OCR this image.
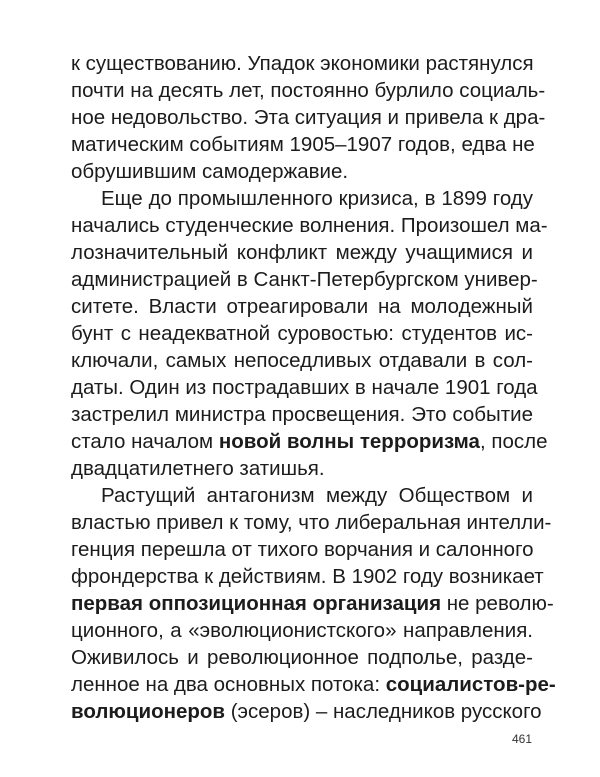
к существованию. Упадок экономики растянулся
почти на десять лет, постоянно бурлило социаль-
ное недовольство. Эта ситуация и привела к дра-
матическим событиям 1905–1907 годов, едва не
обрушившим самодержавие.
Еще до промышленного кризиса, в 1899 году
начались студенческие волнения. Произошел ма-
лозначительный конфликт между учащимися и
администрацией в Санкт-Петербургском универ-
ситете. Власти отреагировали на молодежный
бунт с неадекватной суровостью: студентов ис-
ключали, самых непоседливых отдавали в сол-
даты. Один из пострадавших в начале 1901 года
застрелил министра просвещения. Это событие
стало началом новой волны терроризма, после
двадцатилетнего затишья.
Растущий антагонизм между Обществом и
властью привел к тому, что либеральная интелли-
генция перешла от тихого ворчания и салонного
фрондерства к действиям. В 1902 году возникает
первая оппозиционная организация не револю-
ционного, а «эволюционистского» направления.
Оживилось и революционное подполье, разде-
ленное на два основных потока: социалистов-ре-
волюционеров (эсеров) – наследников русского
461
